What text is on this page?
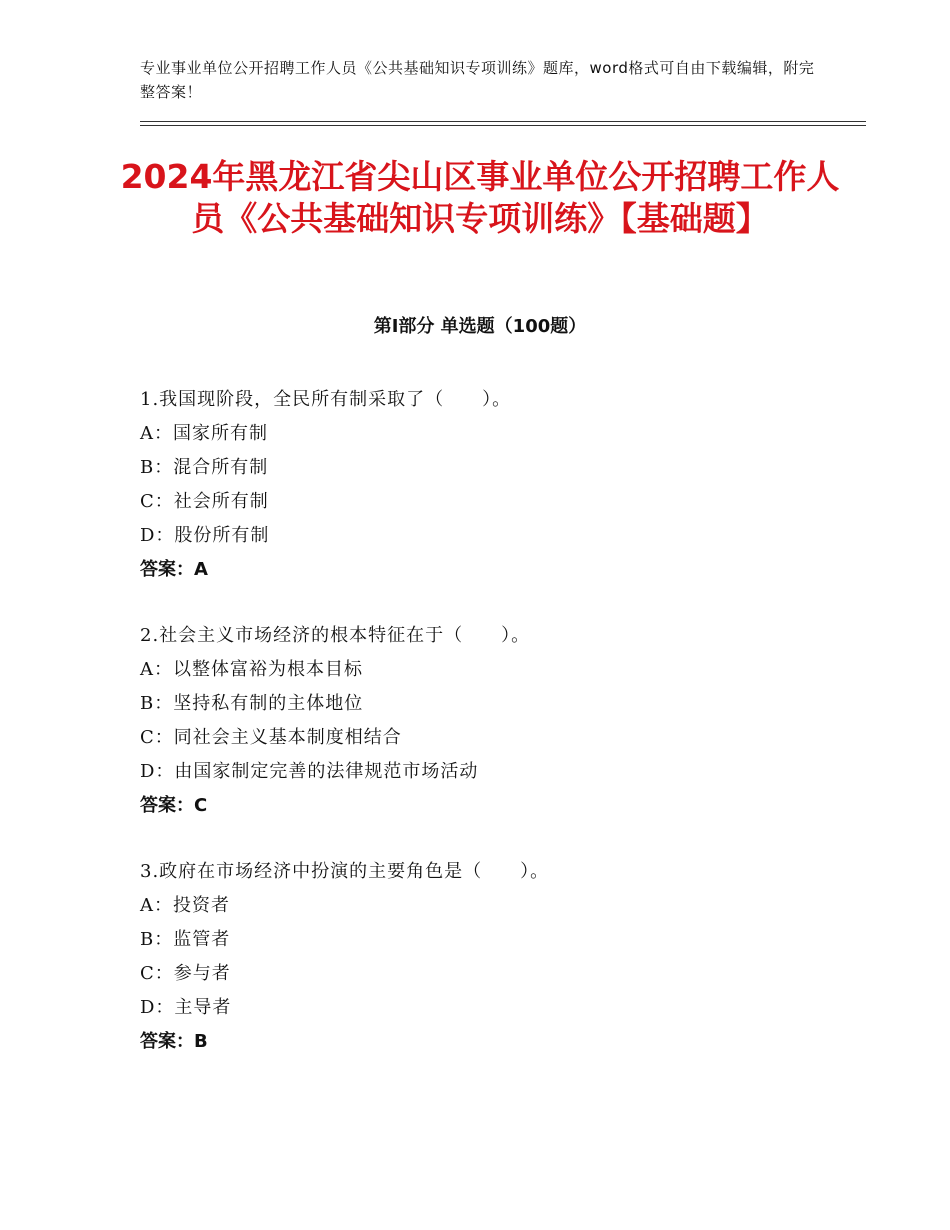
专业事业单位公开招聘工作人员《公共基础知识专项训练》题库，word格式可自由下载编辑，附完整答案！
2024年黑龙江省尖山区事业单位公开招聘工作人员《公共基础知识专项训练》【基础题】
第Ⅰ部分 单选题（100题）
1.我国现阶段，全民所有制采取了（　　）。
A：国家所有制
B：混合所有制
C：社会所有制
D：股份所有制
答案：A
2.社会主义市场经济的根本特征在于（　　）。
A：以整体富裕为根本目标
B：坚持私有制的主体地位
C：同社会主义基本制度相结合
D：由国家制定完善的法律规范市场活动
答案：C
3.政府在市场经济中扮演的主要角色是（　　）。
A：投资者
B：监管者
C：参与者
D：主导者
答案：B
